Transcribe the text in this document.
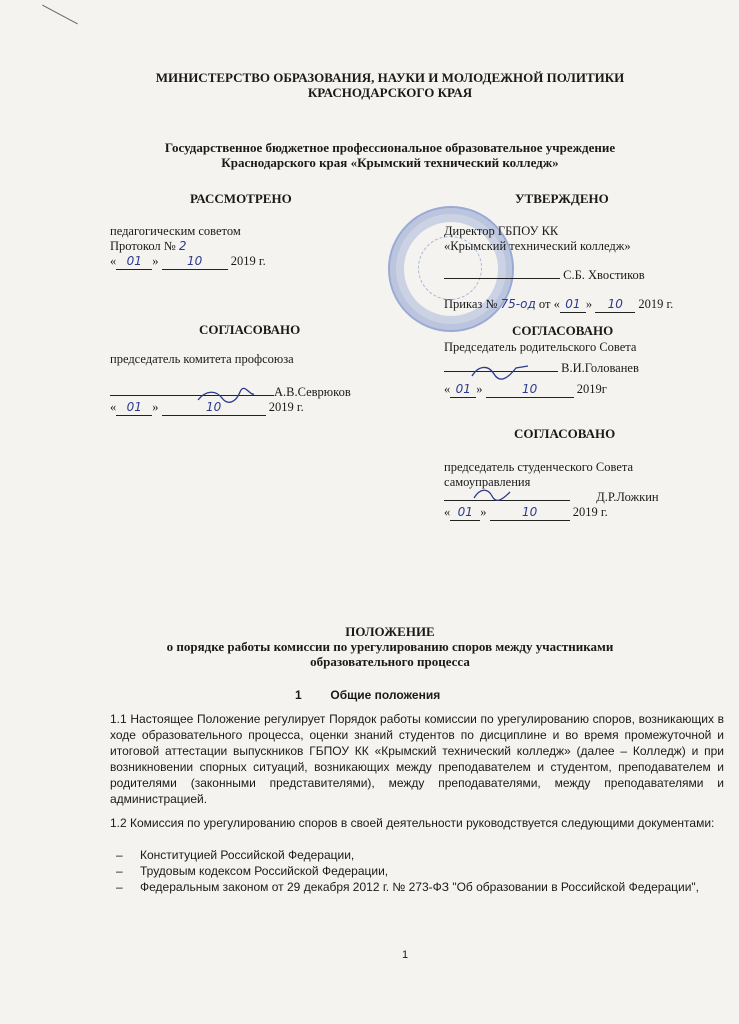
МИНИСТЕРСТВО ОБРАЗОВАНИЯ, НАУКИ И МОЛОДЕЖНОЙ ПОЛИТИКИ
КРАСНОДАРСКОГО КРАЯ
Государственное бюджетное профессиональное образовательное учреждение
Краснодарского края «Крымский технический колледж»
РАССМОТРЕНО
педагогическим советом
Протокол № 2
« 01 » 10 2019 г.
СОГЛАСОВАНО
председатель комитета профсоюза
А.В.Севрюков
« 01 »	10	2019 г.
УТВЕРЖДЕНО
Директор ГБПОУ КК
«Крымский технический колледж»
С.Б. Хвостиков
Приказ № 75-од от « 01 » 10 2019 г.
СОГЛАСОВАНО
Председатель родительского Совета
В.И.Голованев
« 01 »	10	2019г
СОГЛАСОВАНО
председатель студенческого Совета
самоуправления
Д.Р.Ложкин
« 01 »	10	2019 г.
ПОЛОЖЕНИЕ
о порядке работы комиссии по урегулированию споров между участниками
образовательного процесса
1 Общие положения
1.1 Настоящее Положение регулирует Порядок работы комиссии по урегулированию споров, возникающих в ходе образовательного процесса, оценки знаний студентов по дисциплине и во время промежуточной и итоговой аттестации выпускников ГБПОУ КК «Крымский технический колледж» (далее – Колледж) и при возникновении спорных ситуаций, возникающих между преподавателем и студентом, преподавателем и родителями (законными представителями), между преподавателями, между преподавателями и администрацией.
1.2 Комиссия по урегулированию споров в своей деятельности руководствуется следующими документами:
– Конституцией Российской Федерации,
– Трудовым кодексом Российской Федерации,
– Федеральным законом от 29 декабря 2012 г. № 273-ФЗ "Об образовании в Российской Федерации",
1
